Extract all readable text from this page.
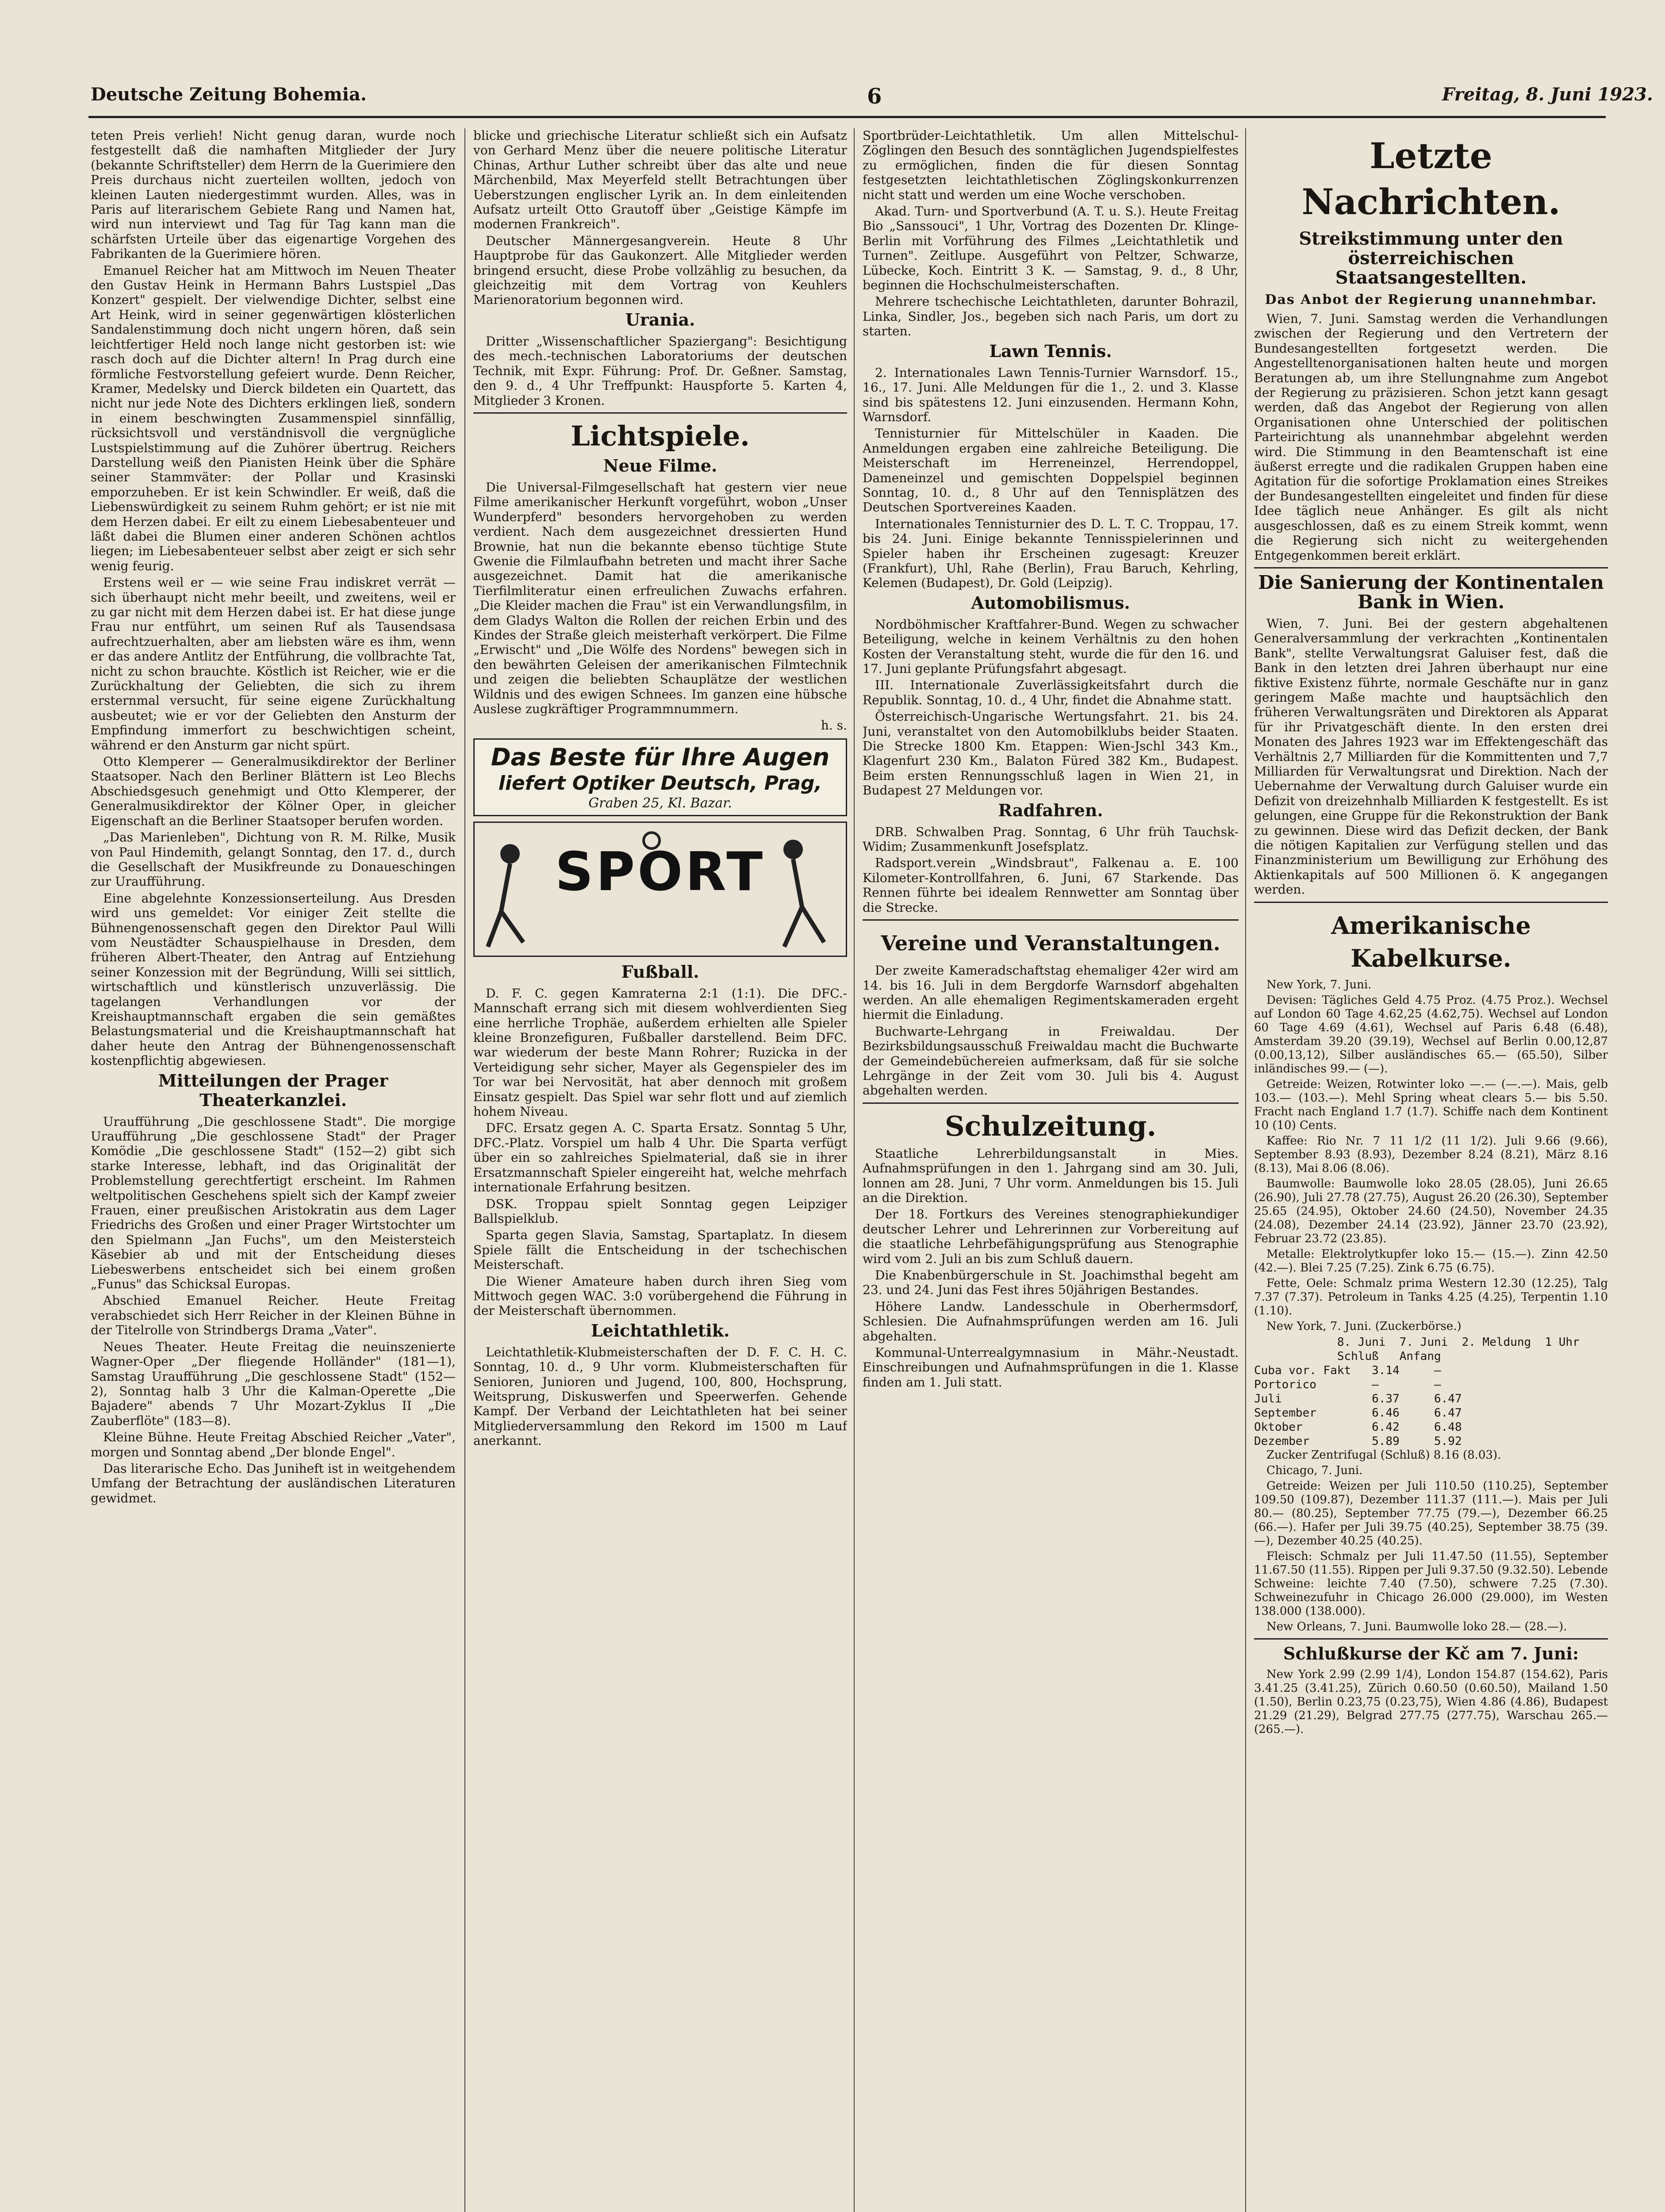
Deutsche Zeitung Bohemia.	6	Freitag, 8. Juni 1923.

teten Preis verlieh! Nicht genug daran, wurde noch festgestellt daß die namhaften Mitglieder der Jury (bekannte Schriftsteller) dem Herrn de la Guerimiere den Preis durchaus nicht zuerteilen wollten, jedoch von kleinen Lauten niedergestimmt wurden. Alles, was in Paris auf literarischem Gebiete Rang und Namen hat, wird nun interviewt und Tag für Tag kann man die schärfsten Urteile über das eigenartige Vorgehen des Fabrikanten de la Guerimiere hören.

Emanuel Reicher hat am Mittwoch im Neuen Theater den Gustav Heink in Hermann Bahrs Lustspiel „Das Konzert" gespielt. Der vielwendige Dichter, selbst eine Art Heink, wird in seiner gegenwärtigen klösterlichen Sandalenstimmung doch nicht ungern hören, daß sein leichtfertiger Held noch lange nicht gestorben ist: wie rasch doch auf die Dichter altern! In Prag durch eine förmliche Festvorstellung gefeiert wurde. Denn Reicher, Kramer, Medelsky und Dierck bildeten ein Quartett, das nicht nur jede Note des Dichters erklingen ließ, sondern in einem beschwingten Zusammenspiel sinnfällig, rücksichtsvoll und verständnisvoll die vergnügliche Lustspielstimmung auf die Zuhörer übertrug. Reichers Darstellung weiß den Pianisten Heink über die Sphäre seiner Stammväter: der Pollar und Krasinski emporzuheben. Er ist kein Schwindler. Er weiß, daß die Liebenswürdigkeit zu seinem Ruhm gehört; er ist nie mit dem Herzen dabei. Er eilt zu einem Liebesabenteuer und läßt dabei die Blumen einer anderen Schönen achtlos liegen; im Liebesabenteuer selbst aber zeigt er sich sehr wenig feurig.

Erstens weil er — wie seine Frau indiskret verrät — sich überhaupt nicht mehr beeilt, und zweitens, weil er zu gar nicht mit dem Herzen dabei ist. Er hat diese junge Frau nur entführt, um seinen Ruf als Tausendsasa aufrechtzuerhalten, aber am liebsten wäre es ihm, wenn er das andere Antlitz der Entführung, die vollbrachte Tat, nicht zu schon brauchte. Köstlich ist Reicher, wie er die Zurückhaltung der Geliebten, die sich zu ihrem ersternmal versucht, für seine eigene Zurückhaltung ausbeutet; wie er vor der Geliebten den Ansturm der Empfindung immerfort zu beschwichtigen scheint, während er den Ansturm gar nicht spürt.

Otto Klemperer — Generalmusikdirektor der Berliner Staatsoper. Nach den Berliner Blättern ist Leo Blechs Abschiedsgesuch genehmigt und Otto Klemperer, der Generalmusikdirektor der Kölner Oper, in gleicher Eigenschaft an die Berliner Staatsoper berufen worden.

„Das Marienleben", Dichtung von R. M. Rilke, Musik von Paul Hindemith, gelangt Sonntag, den 17. d., durch die Gesellschaft der Musikfreunde zu Donaueschingen zur Uraufführung.

Eine abgelehnte Konzessionserteilung. Aus Dresden wird uns gemeldet: Vor einiger Zeit stellte die Bühnengenossenschaft gegen den Direktor Paul Willi vom Neustädter Schauspielhause in Dresden, dem früheren Albert-Theater, den Antrag auf Entziehung seiner Konzession mit der Begründung, Willi sei sittlich, wirtschaftlich und künstlerisch unzuverlässig. Die tagelangen Verhandlungen vor der Kreishauptmannschaft ergaben die sein gemäßtes Belastungsmaterial und die Kreishauptmannschaft hat daher heute den Antrag der Bühnengenossenschaft kostenpflichtig abgewiesen.

Mitteilungen der Prager Theaterkanzlei.

Uraufführung „Die geschlossene Stadt". Die morgige Uraufführung „Die geschlossene Stadt" der Prager Komödie „Die geschlossene Stadt" (152—2) gibt sich starke Interesse, lebhaft, ind das Originalität der Problemstellung gerechtfertigt erscheint. Im Rahmen weltpolitischen Geschehens spielt sich der Kampf zweier Frauen, einer preußischen Aristokratin aus dem Lager Friedrichs des Großen und einer Prager Wirtstochter um den Spielmann „Jan Fuchs", um den Meistersteich Käsebier ab und mit der Entscheidung dieses Liebeswerbens entscheidet sich bei einem großen „Funus" das Schicksal Europas.

Abschied Emanuel Reicher. Heute Freitag verabschiedet sich Herr Reicher in der Kleinen Bühne in der Titelrolle von Strindbergs Drama „Vater".

Neues Theater. Heute Freitag die neuinszenierte Wagner-Oper „Der fliegende Holländer" (181—1), Samstag Uraufführung „Die geschlossene Stadt" (152—2), Sonntag halb 3 Uhr die Kalman-Operette „Die Bajadere" abends 7 Uhr Mozart-Zyklus II „Die Zauberflöte" (183—8).

Kleine Bühne. Heute Freitag Abschied Reicher „Vater", morgen und Sonntag abend „Der blonde Engel".

Das literarische Echo. Das Juniheft ist in weitgehendem Umfang der Betrachtung der ausländischen Literaturen gewidmet.

blicke und griechische Literatur schließt sich ein Aufsatz von Gerhard Menz über die neuere politische Literatur Chinas, Arthur Luther schreibt über das alte und neue Märchenbild, Max Meyerfeld stellt Betrachtungen über Ueberstzungen englischer Lyrik an. In dem einleitenden Aufsatz urteilt Otto Grautoff über „Geistige Kämpfe im modernen Frankreich".

Deutscher Männergesangverein. Heute 8 Uhr Hauptprobe für das Gaukonzert. Alle Mitglieder werden bringend ersucht, diese Probe vollzählig zu besuchen, da gleichzeitig mit dem Vortrag von Keuhlers Marienoratorium begonnen wird.

Urania.

Dritter „Wissenschaftlicher Spaziergang": Besichtigung des mech.-technischen Laboratoriums der deutschen Technik, mit Expr. Führung: Prof. Dr. Geßner. Samstag, den 9. d., 4 Uhr Treffpunkt: Hauspforte 5. Karten 4, Mitglieder 3 Kronen.

Lichtspiele.
Neue Filme.

Die Universal-Filmgesellschaft hat gestern vier neue Filme amerikanischer Herkunft vorgeführt, wobon „Unser Wunderpferd" besonders hervorgehoben zu werden verdient. Nach dem ausgezeichnet dressierten Hund Brownie, hat nun die bekannte ebenso tüchtige Stute Gwenie die Filmlaufbahn betreten und macht ihrer Sache ausgezeichnet. Damit hat die amerikanische Tierfilmliteratur einen erfreulichen Zuwachs erfahren. „Die Kleider machen die Frau" ist ein Verwandlungsfilm, in dem Gladys Walton die Rollen der reichen Erbin und des Kindes der Straße gleich meisterhaft verkörpert. Die Filme „Erwischt" und „Die Wölfe des Nordens" bewegen sich in den bewährten Geleisen der amerikanischen Filmtechnik und zeigen die beliebten Schauplätze der westlichen Wildnis und des ewigen Schnees. Im ganzen eine hübsche Auslese zugkräftiger Programmnummern.

h. s.

Das Beste für Ihre Augen
liefert Optiker Deutsch, Prag,
Graben 25, Kl. Bazar.
SPORT
Fußball.

D. F. C. gegen Kamraterna 2:1 (1:1). Die DFC.-Mannschaft errang sich mit diesem wohlverdienten Sieg eine herrliche Trophäe, außerdem erhielten alle Spieler kleine Bronzefiguren, Fußballer darstellend. Beim DFC. war wiederum der beste Mann Rohrer; Ruzicka in der Verteidigung sehr sicher, Mayer als Gegenspieler des im Tor war bei Nervosität, hat aber dennoch mit großem Einsatz gespielt. Das Spiel war sehr flott und auf ziemlich hohem Niveau.

DFC. Ersatz gegen A. C. Sparta Ersatz. Sonntag 5 Uhr, DFC.-Platz. Vorspiel um halb 4 Uhr. Die Sparta verfügt über ein so zahlreiches Spielmaterial, daß sie in ihrer Ersatzmannschaft Spieler eingereiht hat, welche mehrfach internationale Erfahrung besitzen.

DSK. Troppau spielt Sonntag gegen Leipziger Ballspielklub.

Sparta gegen Slavia, Samstag, Spartaplatz. In diesem Spiele fällt die Entscheidung in der tschechischen Meisterschaft.

Die Wiener Amateure haben durch ihren Sieg vom Mittwoch gegen WAC. 3:0 vorübergehend die Führung in der Meisterschaft übernommen.

Leichtathletik.

Leichtathletik-Klubmeisterschaften der D. F. C. H. C. Sonntag, 10. d., 9 Uhr vorm. Klubmeisterschaften für Senioren, Junioren und Jugend, 100, 800, Hochsprung, Weitsprung, Diskuswerfen und Speerwerfen. Gehende Kampf. Der Verband der Leichtathleten hat bei seiner Mitgliederversammlung den Rekord im 1500 m Lauf anerkannt.

Sportbrüder-Leichtathletik. Um allen Mittelschul-Zöglingen den Besuch des sonntäglichen Jugendspielfestes zu ermöglichen, finden die für diesen Sonntag festgesetzten leichtathletischen Zöglingskonkurrenzen nicht statt und werden um eine Woche verschoben.

Akad. Turn- und Sportverbund (A. T. u. S.). Heute Freitag Bio „Sanssouci", 1 Uhr, Vortrag des Dozenten Dr. Klinge-Berlin mit Vorführung des Filmes „Leichtathletik und Turnen". Zeitlupe. Ausgeführt von Peltzer, Schwarze, Lübecke, Koch. Eintritt 3 K. — Samstag, 9. d., 8 Uhr, beginnen die Hochschulmeisterschaften.

Mehrere tschechische Leichtathleten, darunter Bohrazil, Linka, Sindler, Jos., begeben sich nach Paris, um dort zu starten.

Lawn Tennis.

2. Internationales Lawn Tennis-Turnier Warnsdorf. 15., 16., 17. Juni. Alle Meldungen für die 1., 2. und 3. Klasse sind bis spätestens 12. Juni einzusenden. Hermann Kohn, Warnsdorf.

Tennisturnier für Mittelschüler in Kaaden. Die Anmeldungen ergaben eine zahlreiche Beteiligung. Die Meisterschaft im Herreneinzel, Herrendoppel, Dameneinzel und gemischten Doppelspiel beginnen Sonntag, 10. d., 8 Uhr auf den Tennisplätzen des Deutschen Sportvereines Kaaden.

Internationales Tennisturnier des D. L. T. C. Troppau, 17. bis 24. Juni. Einige bekannte Tennisspielerinnen und Spieler haben ihr Erscheinen zugesagt: Kreuzer (Frankfurt), Uhl, Rahe (Berlin), Frau Baruch, Kehrling, Kelemen (Budapest), Dr. Gold (Leipzig).

Automobilismus.

Nordböhmischer Kraftfahrer-Bund. Wegen zu schwacher Beteiligung, welche in keinem Verhältnis zu den hohen Kosten der Veranstaltung steht, wurde die für den 16. und 17. Juni geplante Prüfungsfahrt abgesagt.

III. Internationale Zuverlässigkeitsfahrt durch die Republik. Sonntag, 10. d., 4 Uhr, findet die Abnahme statt.

Österreichisch-Ungarische Wertungsfahrt. 21. bis 24. Juni, veranstaltet von den Automobilklubs beider Staaten. Die Strecke 1800 Km. Etappen: Wien-Jschl 343 Km., Klagenfurt 230 Km., Balaton Füred 382 Km., Budapest. Beim ersten Rennungsschluß lagen in Wien 21, in Budapest 27 Meldungen vor.

Radfahren.

DRB. Schwalben Prag. Sonntag, 6 Uhr früh Tauchsk-Widim; Zusammenkunft Josefsplatz.

Radsport.verein „Windsbraut", Falkenau a. E. 100 Kilometer-Kontrollfahren, 6. Juni, 67 Starkende. Das Rennen führte bei idealem Rennwetter am Sonntag über die Strecke.

Vereine und Veranstaltungen.

Der zweite Kameradschaftstag ehemaliger 42er wird am 14. bis 16. Juli in dem Bergdorfe Warnsdorf abgehalten werden. An alle ehemaligen Regimentskameraden ergeht hiermit die Einladung.

Buchwarte-Lehrgang in Freiwaldau. Der Bezirksbildungsausschuß Freiwaldau macht die Buchwarte der Gemeindebüchereien aufmerksam, daß für sie solche Lehrgänge in der Zeit vom 30. Juli bis 4. August abgehalten werden.

Schulzeitung.

Staatliche Lehrerbildungsanstalt in Mies. Aufnahmsprüfungen in den 1. Jahrgang sind am 30. Juli, lonnen am 28. Juni, 7 Uhr vorm. Anmeldungen bis 15. Juli an die Direktion.

Der 18. Fortkurs des Vereines stenographiekundiger deutscher Lehrer und Lehrerinnen zur Vorbereitung auf die staatliche Lehrbefähigungsprüfung aus Stenographie wird vom 2. Juli an bis zum Schluß dauern.

Die Knabenbürgerschule in St. Joachimsthal begeht am 23. und 24. Juni das Fest ihres 50jährigen Bestandes.

Höhere Landw. Landesschule in Oberhermsdorf, Schlesien. Die Aufnahmsprüfungen werden am 16. Juli abgehalten.

Kommunal-Unterrealgymnasium in Mähr.-Neustadt. Einschreibungen und Aufnahmsprüfungen in die 1. Klasse finden am 1. Juli statt.

Letzte Nachrichten.
Streikstimmung unter den österreichischen Staatsangestellten.
Das Anbot der Regierung unannehmbar.

Wien, 7. Juni. Samstag werden die Verhandlungen zwischen der Regierung und den Vertretern der Bundesangestellten fortgesetzt werden. Die Angestelltenorganisationen halten heute und morgen Beratungen ab, um ihre Stellungnahme zum Angebot der Regierung zu präzisieren. Schon jetzt kann gesagt werden, daß das Angebot der Regierung von allen Organisationen ohne Unterschied der politischen Parteirichtung als unannehmbar abgelehnt werden wird. Die Stimmung in den Beamtenschaft ist eine äußerst erregte und die radikalen Gruppen haben eine Agitation für die sofortige Proklamation eines Streikes der Bundesangestellten eingeleitet und finden für diese Idee täglich neue Anhänger. Es gilt als nicht ausgeschlossen, daß es zu einem Streik kommt, wenn die Regierung sich nicht zu weitergehenden Entgegenkommen bereit erklärt.

Die Sanierung der Kontinentalen Bank in Wien.

Wien, 7. Juni. Bei der gestern abgehaltenen Generalversammlung der verkrachten „Kontinentalen Bank", stellte Verwaltungsrat Galuiser fest, daß die Bank in den letzten drei Jahren überhaupt nur eine fiktive Existenz führte, normale Geschäfte nur in ganz geringem Maße machte und hauptsächlich den früheren Verwaltungsräten und Direktoren als Apparat für ihr Privatgeschäft diente. In den ersten drei Monaten des Jahres 1923 war im Effektengeschäft das Verhältnis 2,7 Milliarden für die Kommittenten und 7,7 Milliarden für Verwaltungsrat und Direktion. Nach der Uebernahme der Verwaltung durch Galuiser wurde ein Defizit von dreizehnhalb Milliarden K festgestellt. Es ist gelungen, eine Gruppe für die Rekonstruktion der Bank zu gewinnen. Diese wird das Defizit decken, der Bank die nötigen Kapitalien zur Verfügung stellen und das Finanzministerium um Bewilligung zur Erhöhung des Aktienkapitals auf 500 Millionen ö. K angegangen werden.

Amerikanische Kabelkurse.

New York, 7. Juni.

Devisen: Tägliches Geld 4.75 Proz. (4.75 Proz.). Wechsel auf London 60 Tage 4.62,25 (4.62,75). Wechsel auf London 60 Tage 4.69 (4.61), Wechsel auf Paris 6.48 (6.48), Amsterdam 39.20 (39.19), Wechsel auf Berlin 0.00,12,87 (0.00,13,12), Silber ausländisches 65.— (65.50), Silber inländisches 99.— (—).

Getreide: Weizen, Rotwinter loko —.— (—.—). Mais, gelb 103.— (103.—). Mehl Spring wheat clears 5.— bis 5.50. Fracht nach England 1.7 (1.7). Schiffe nach dem Kontinent 10 (10) Cents.

Kaffee: Rio Nr. 7 11 1/2 (11 1/2). Juli 9.66 (9.66), September 8.93 (8.93), Dezember 8.24 (8.21), März 8.16 (8.13), Mai 8.06 (8.06).

Baumwolle: Baumwolle loko 28.05 (28.05), Juni 26.65 (26.90), Juli 27.78 (27.75), August 26.20 (26.30), September 25.65 (24.95), Oktober 24.60 (24.50), November 24.35 (24.08), Dezember 24.14 (23.92), Jänner 23.70 (23.92), Februar 23.72 (23.85).

Metalle: Elektrolytkupfer loko 15.— (15.—). Zinn 42.50 (42.—). Blei 7.25 (7.25). Zink 6.75 (6.75).

Fette, Oele: Schmalz prima Western 12.30 (12.25), Talg 7.37 (7.37). Petroleum in Tanks 4.25 (4.25), Terpentin 1.10 (1.10).

New York, 7. Juni. (Zuckerbörse.)

8. Juni  7. Juni  2. Meldung  1 Uhr
Schluß   Anfang
Cuba vor. Fakt   3.14     —
Portorico        —        —
Juli             6.37     6.47
September        6.46     6.47
Oktober          6.42     6.48
Dezember         5.89     5.92

Zucker Zentrifugal (Schluß) 8.16 (8.03).

Chicago, 7. Juni.

Getreide: Weizen per Juli 110.50 (110.25), September 109.50 (109.87), Dezember 111.37 (111.—). Mais per Juli 80.— (80.25), September 77.75 (79.—), Dezember 66.25 (66.—). Hafer per Juli 39.75 (40.25), September 38.75 (39.—), Dezember 40.25 (40.25).

Fleisch: Schmalz per Juli 11.47.50 (11.55), September 11.67.50 (11.55). Rippen per Juli 9.37.50 (9.32.50). Lebende Schweine: leichte 7.40 (7.50), schwere 7.25 (7.30). Schweinezufuhr in Chicago 26.000 (29.000), im Westen 138.000 (138.000).

New Orleans, 7. Juni. Baumwolle loko 28.— (28.—).

Schlußkurse der Kč am 7. Juni:

New York 2.99 (2.99 1/4), London 154.87 (154.62), Paris 3.41.25 (3.41.25), Zürich 0.60.50 (0.60.50), Mailand 1.50 (1.50), Berlin 0.23,75 (0.23,75), Wien 4.86 (4.86), Budapest 21.29 (21.29), Belgrad 277.75 (277.75), Warschau 265.— (265.—).
